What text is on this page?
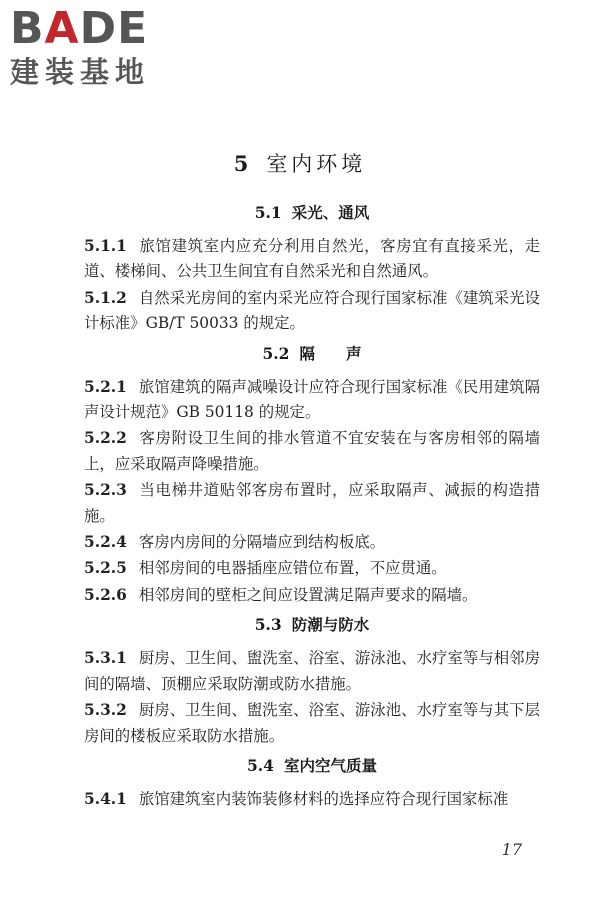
BADE
建装基地
5 室内环境
5.1 采光、通风
5.1.1 旅馆建筑室内应充分利用自然光，客房宜有直接采光，走道、楼梯间、公共卫生间宜有自然采光和自然通风。
5.1.2 自然采光房间的室内采光应符合现行国家标准《建筑采光设计标准》GB/T 50033 的规定。
5.2 隔　　声
5.2.1 旅馆建筑的隔声减噪设计应符合现行国家标准《民用建筑隔声设计规范》GB 50118 的规定。
5.2.2 客房附设卫生间的排水管道不宜安装在与客房相邻的隔墙上，应采取隔声降噪措施。
5.2.3 当电梯井道贴邻客房布置时，应采取隔声、减振的构造措施。
5.2.4 客房内房间的分隔墙应到结构板底。
5.2.5 相邻房间的电器插座应错位布置，不应贯通。
5.2.6 相邻房间的壁柜之间应设置满足隔声要求的隔墙。
5.3 防潮与防水
5.3.1 厨房、卫生间、盥洗室、浴室、游泳池、水疗室等与相邻房间的隔墙、顶棚应采取防潮或防水措施。
5.3.2 厨房、卫生间、盥洗室、浴室、游泳池、水疗室等与其下层房间的楼板应采取防水措施。
5.4 室内空气质量
5.4.1 旅馆建筑室内装饰装修材料的选择应符合现行国家标准
17
